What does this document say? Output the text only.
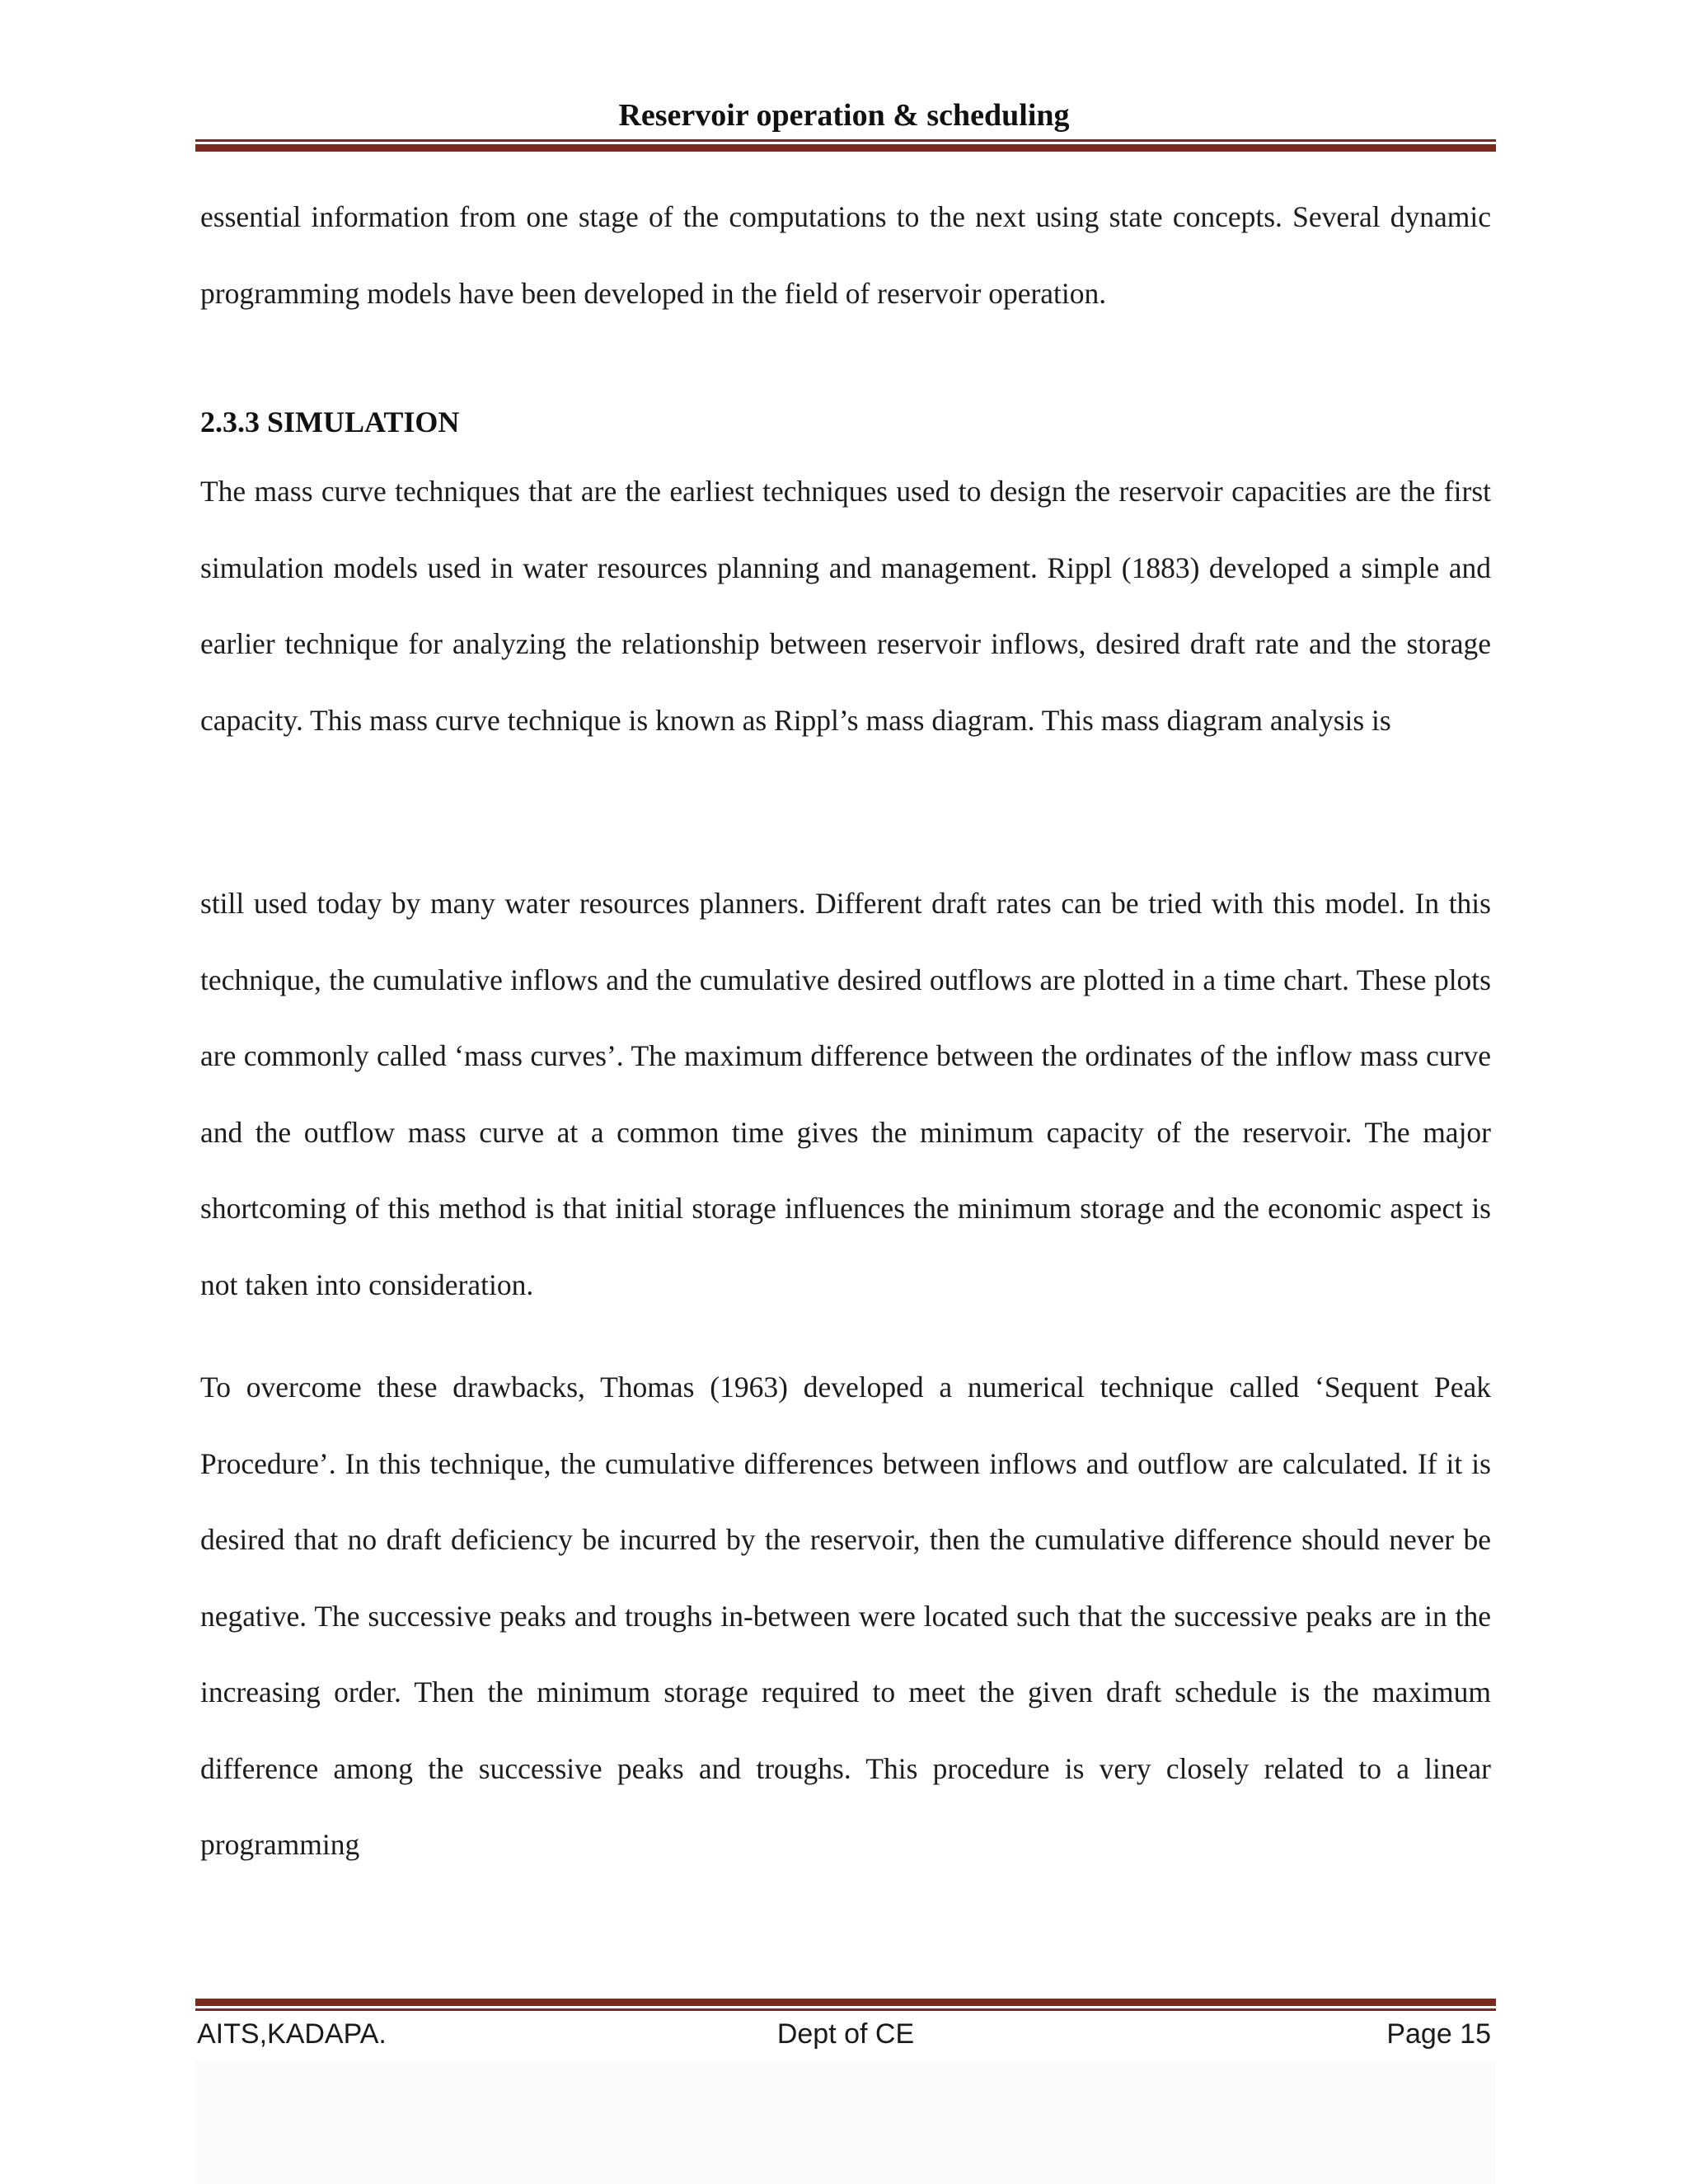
Reservoir operation & scheduling

essential information from one stage of the computations to the next using state concepts. Several dynamic programming models have been developed in the field of reservoir operation.

2.3.3 SIMULATION

The mass curve techniques that are the earliest techniques used to design the reservoir capacities are the first simulation models used in water resources planning and management. Rippl (1883) developed a simple and earlier technique for analyzing the relationship between reservoir inflows, desired draft rate and the storage capacity. This mass curve technique is known as Rippl’s mass diagram. This mass diagram analysis is

still used today by many water resources planners. Different draft rates can be tried with this model. In this technique, the cumulative inflows and the cumulative desired outflows are plotted in a time chart. These plots are commonly called ‘mass curves’. The maximum difference between the ordinates of the inflow mass curve and the outflow mass curve at a common time gives the minimum capacity of the reservoir. The major shortcoming of this method is that initial storage influences the minimum storage and the economic aspect is not taken into consideration.

To overcome these drawbacks, Thomas (1963) developed a numerical technique called ‘Sequent Peak Procedure’. In this technique, the cumulative differences between inflows and outflow are calculated. If it is desired that no draft deficiency be incurred by the reservoir, then the cumulative difference should never be negative. The successive peaks and troughs in-between were located such that the successive peaks are in the increasing order. Then the minimum storage required to meet the given draft schedule is the maximum difference among the successive peaks and troughs. This procedure is very closely related to a linear programming

AITS,KADAPA.	Dept of CE	Page 15
